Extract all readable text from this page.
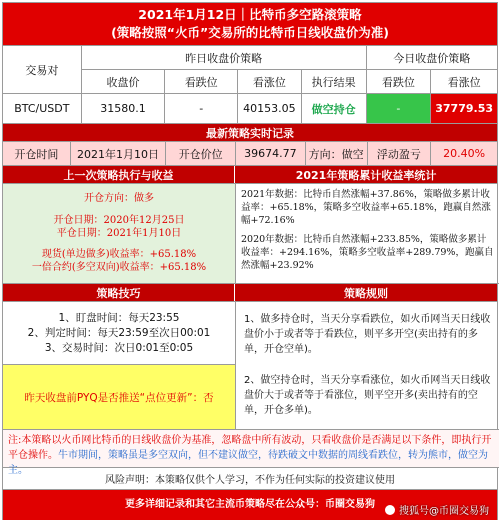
2021年1月12日｜比特币多空路滚策略
(策略按照“火币”交易所的比特币日线收盘价为准)
交易对
昨日收盘价策略	今日收盘价策略
收盘价	看跌位	看涨位	执行结果	看跌位	看涨位
BTC/USDT	31580.1	-	40153.05	做空持仓	-	37779.53
最新策略实时记录
开仓时间	2021年1月10日	开仓价位	39674.77	方向：做空	浮动盈亏	20.40%
上一次策略执行与收益	2021年策略累计收益率统计
开仓方向：做多
开仓日期：2020年12月25日
平仓日期：2021年1月10日
现货(单边做多)收益率：+65.18%
一倍合约(多空双向)收益率：+65.18%
2021年数据：比特币自然涨幅+37.86%，策略做多累计收益率：+65.18%，策略多空收益率+65.18%，跑赢自然涨幅+72.16%
2020年数据：比特币自然涨幅+233.85%，策略做多累计收益率：+294.16%，策略多空收益率+289.79%，跑赢自然涨幅+23.92%
策略技巧	策略规则
1、盯盘时间：每天23:55
2、判定时间：每天23:59至次日00:01
3、交易时间：次日0:01至0:05
昨天收盘前PYQ是否推送“点位更新”：否
1、做多持仓时，当天分享看跌位，如火币网当天日线收盘价小于或者等于看跌位，则平多开空(卖出持有的多单，开仓空单)。
2、做空持仓时，当天分享看涨位，如火币网当天日线收盘价大于或者等于看涨位，则平空开多(卖出持有的空单，开仓多单)。
注:本策略以火币网比特币的日线收盘价为基准，忽略盘中所有波动，只看收盘价是否满足以下条件，即执行开平仓操作。牛市期间，策略虽是多空双向，但不建议做空，待跌破文中数据的周线看跌位，转为熊市，做空为主。
风险声明：本策略仅供个人学习，不作为任何实际的投资建议使用
更多详细记录和其它主流币策略尽在公众号：币圈交易狗
搜狐号@币圈交易狗
